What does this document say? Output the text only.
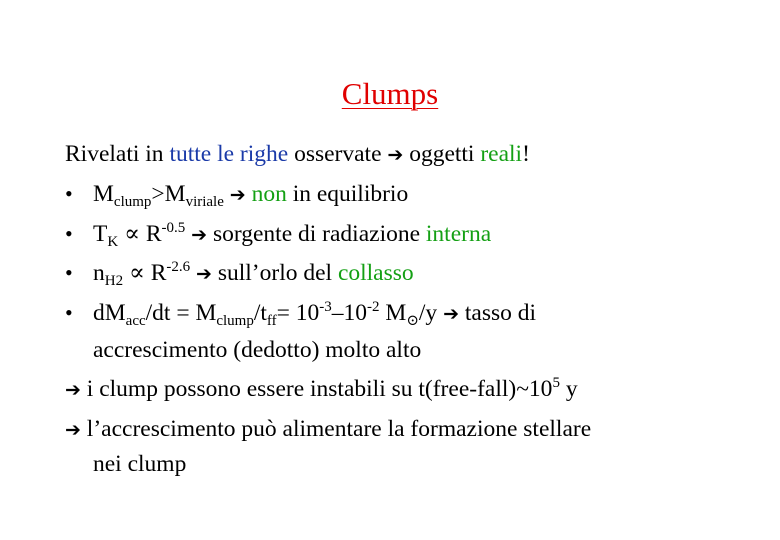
Clumps
Rivelati in tutte le righe osservate ➔ oggetti reali!
• $M_{clump}>M_{viriale}$ ➔ non in equilibrio
• $T_K \propto R^{-0.5}$ ➔ sorgente di radiazione interna
• $n_{H2} \propto R^{-2.6}$ ➔ sull’orlo del collasso
• $dM_{acc}/dt = M_{clump}/t_{ff}= 10^{-3}-10^{-2}$ $M_⊙/y$ ➔ tasso di
accrescimento (dedotto) molto alto
➔ i clump possono essere instabili su $t(free-fall)\sim 10^5$ y
➔ l’accrescimento può alimentare la formazione stellare
nei clump
